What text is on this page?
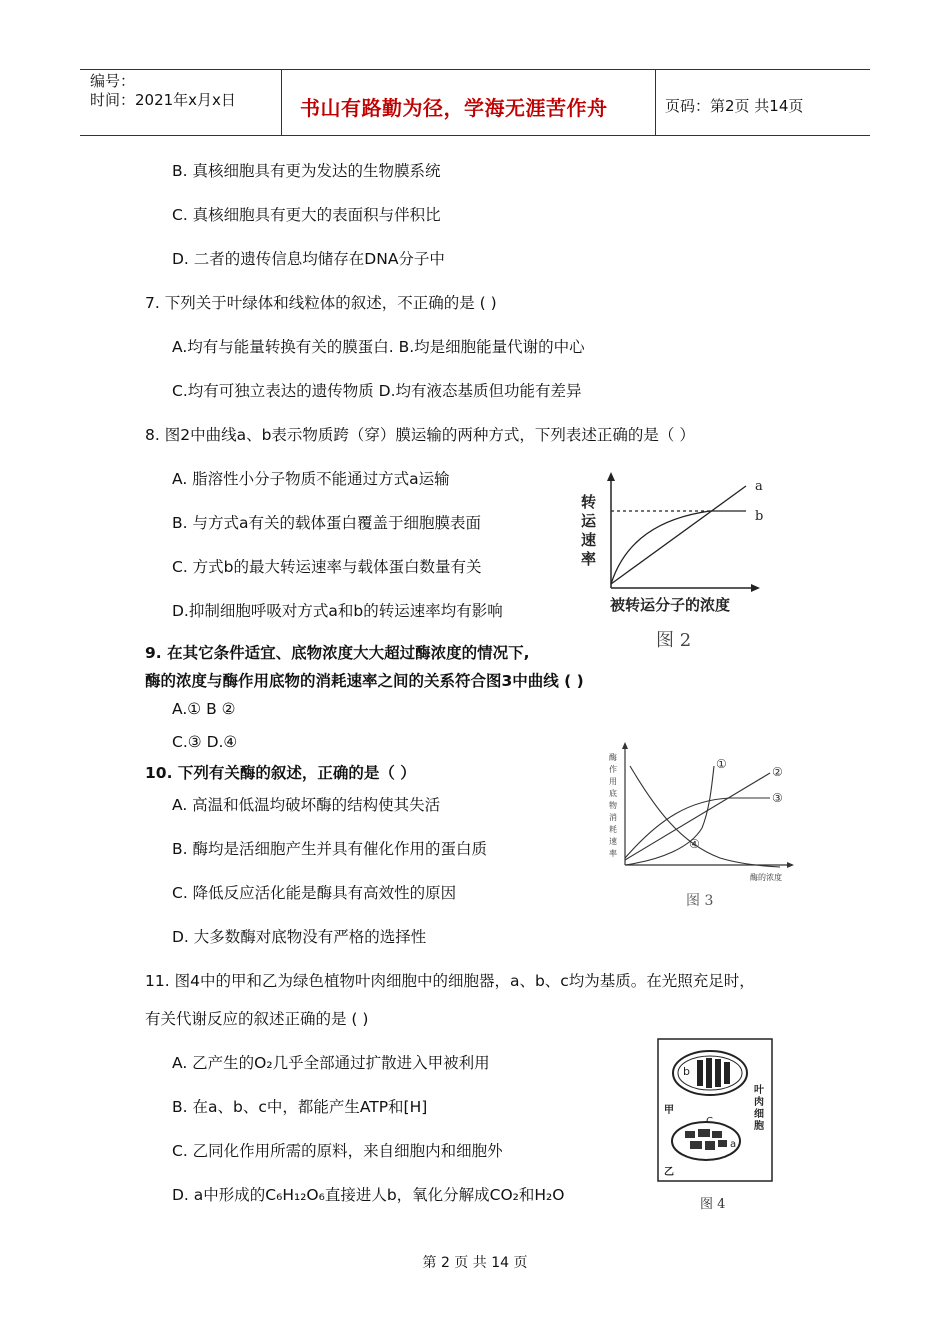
编号：
时间：2021年x月x日	书山有路勤为径，学海无涯苦作舟	页码：第2页 共14页
B. 真核细胞具有更为发达的生物膜系统
C. 真核细胞具有更大的表面积与伴积比
D. 二者的遗传信息均储存在DNA分子中
7. 下列关于叶绿体和线粒体的叙述，不正确的是 ( )
A.均有与能量转换有关的膜蛋白. B.均是细胞能量代谢的中心
C.均有可独立表达的遗传物质 D.均有液态基质但功能有差异
8. 图2中曲线a、b表示物质跨（穿）膜运输的两种方式，下列表述正确的是（ ）
A. 脂溶性小分子物质不能通过方式a运输
B. 与方式a有关的载体蛋白覆盖于细胞膜表面
C. 方式b的最大转运速率与载体蛋白数量有关
D.抑制细胞呼吸对方式a和b的转运速率均有影响
9. 在其它条件适宜、底物浓度大大超过酶浓度的情况下,
酶的浓度与酶作用底物的消耗速率之间的关系符合图3中曲线 ( )
A.① B ②
C.③ D.④
10. 下列有关酶的叙述，正确的是（ ）
A. 高温和低温均破坏酶的结构使其失活
B. 酶均是活细胞产生并具有催化作用的蛋白质
C. 降低反应活化能是酶具有高效性的原因
D. 大多数酶对底物没有严格的选择性
11. 图4中的甲和乙为绿色植物叶肉细胞中的细胞器，a、b、c均为基质。在光照充足时，
有关代谢反应的叙述正确的是 ( )
A. 乙产生的O₂几乎全部通过扩散进入甲被利用
B. 在a、b、c中，都能产生ATP和[H]
C. 乙同化作用所需的原料，来自细胞内和细胞外
D. a中形成的C₆H₁₂O₆直接进人b，氧化分解成CO₂和H₂O
转
运
速
率
a
b
被转运分子的浓度
图 2
酶
作
用
底
物
消
耗
速
率
①
②
③
④
酶的浓度
图 3
b
甲
a
乙
叶
肉
细
胞
图 4
第 2 页 共 14 页
